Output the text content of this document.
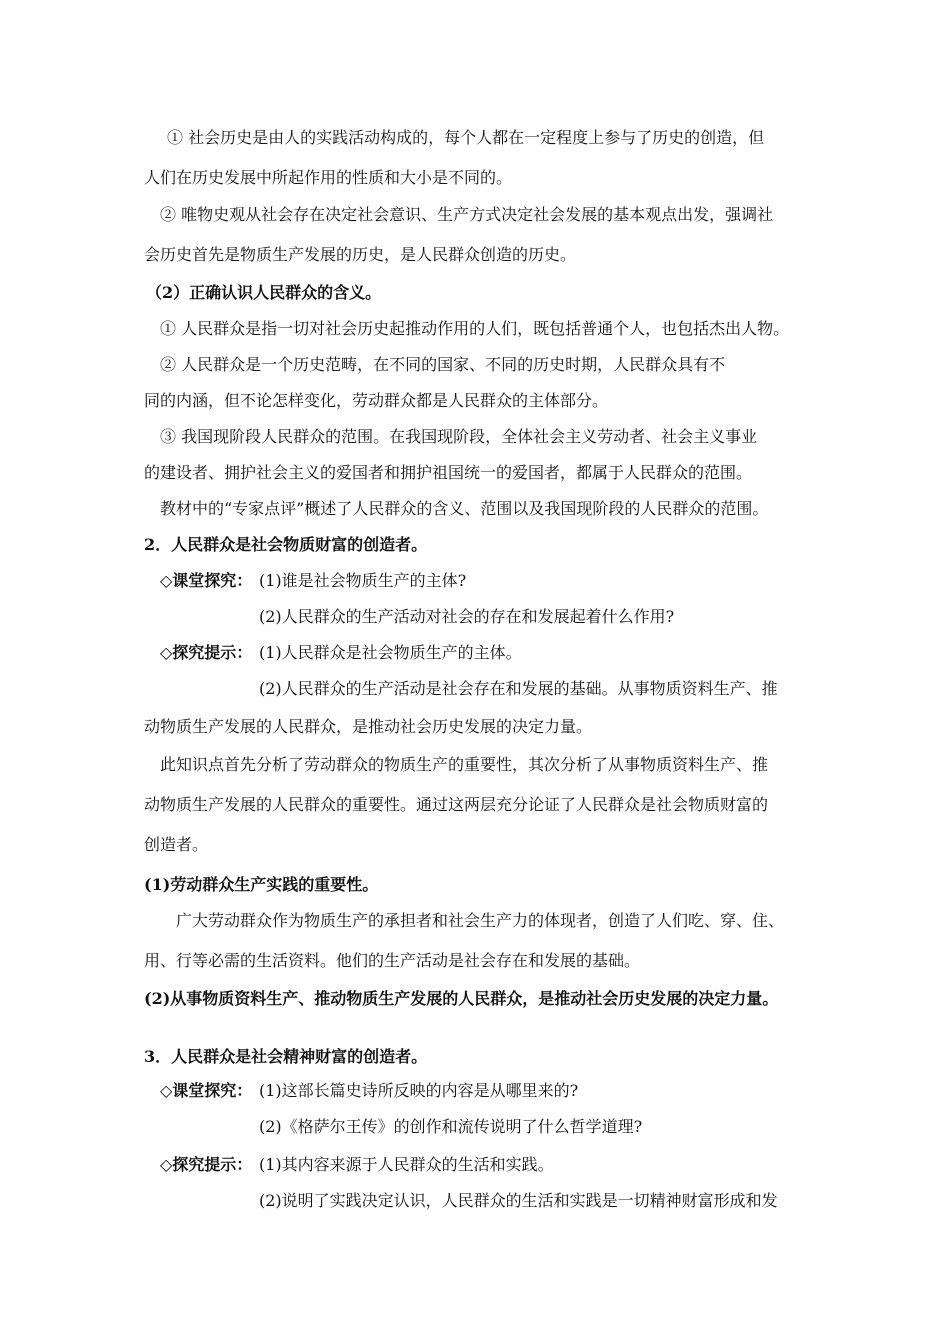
① 社会历史是由人的实践活动构成的，每个人都在一定程度上参与了历史的创造，但
人们在历史发展中所起作用的性质和大小是不同的。
② 唯物史观从社会存在决定社会意识、生产方式决定社会发展的基本观点出发，强调社
会历史首先是物质生产发展的历史，是人民群众创造的历史。
（2）正确认识人民群众的含义。
① 人民群众是指一切对社会历史起推动作用的人们，既包括普通个人，也包括杰出人物。
② 人民群众是一个历史范畴，在不同的国家、不同的历史时期，人民群众具有不
同的内涵，但不论怎样变化，劳动群众都是人民群众的主体部分。
③ 我国现阶段人民群众的范围。在我国现阶段，全体社会主义劳动者、社会主义事业
的建设者、拥护社会主义的爱国者和拥护祖国统一的爱国者，都属于人民群众的范围。
教材中的“专家点评”概述了人民群众的含义、范围以及我国现阶段的人民群众的范围。
2．人民群众是社会物质财富的创造者。
◇课堂探究： (1)谁是社会物质生产的主体?
(2)人民群众的生产活动对社会的存在和发展起着什么作用?
◇探究提示： (1)人民群众是社会物质生产的主体。
(2)人民群众的生产活动是社会存在和发展的基础。从事物质资料生产、推
动物质生产发展的人民群众，是推动社会历史发展的决定力量。
此知识点首先分析了劳动群众的物质生产的重要性，其次分析了从事物质资料生产、推
动物质生产发展的人民群众的重要性。通过这两层充分论证了人民群众是社会物质财富的
创造者。
(1)劳动群众生产实践的重要性。
广大劳动群众作为物质生产的承担者和社会生产力的体现者，创造了人们吃、穿、住、
用、行等必需的生活资料。他们的生产活动是社会存在和发展的基础。
(2)从事物质资料生产、推动物质生产发展的人民群众，是推动社会历史发展的决定力量。
3．人民群众是社会精神财富的创造者。
◇课堂探究： (1)这部长篇史诗所反映的内容是从哪里来的?
(2)《格萨尔王传》的创作和流传说明了什么哲学道理?
◇探究提示： (1)其内容来源于人民群众的生活和实践。
(2)说明了实践决定认识，人民群众的生活和实践是一切精神财富形成和发
